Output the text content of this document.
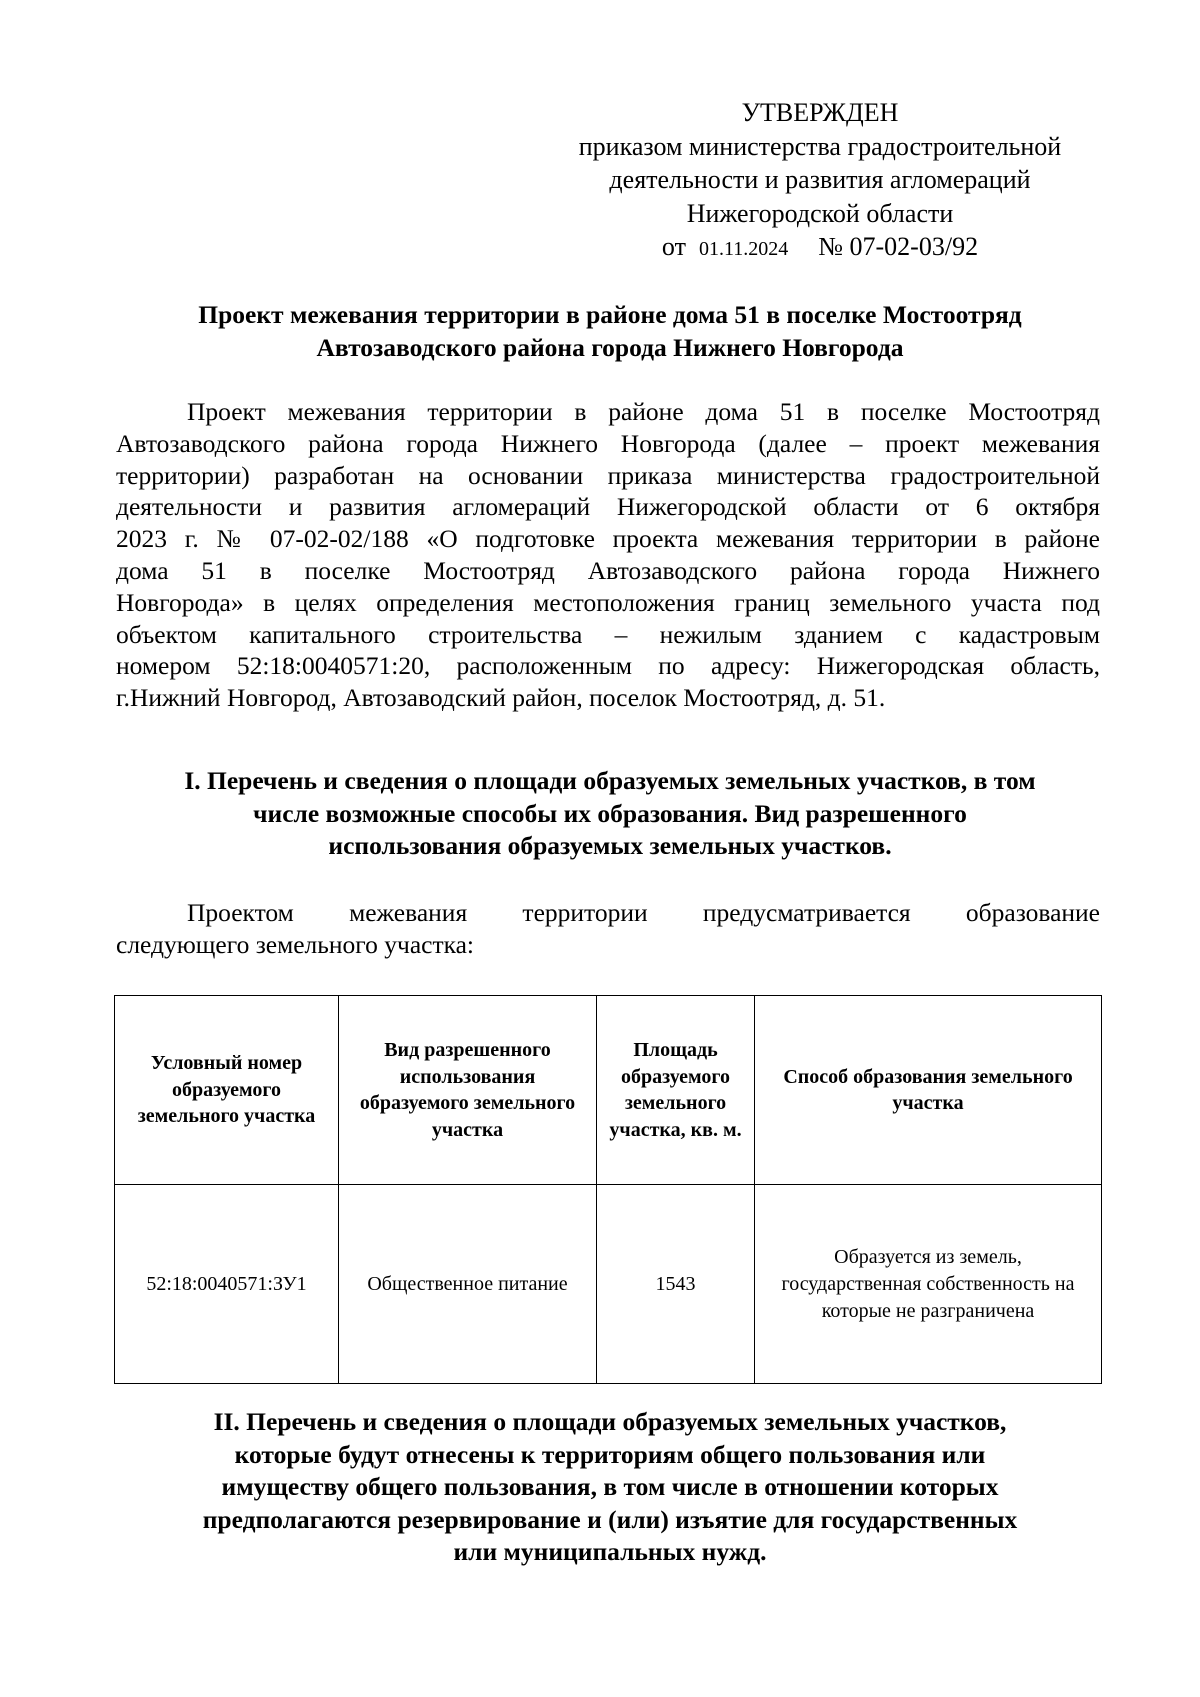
УТВЕРЖДЕН
приказом министерства градостроительной
деятельности и развития агломераций
Нижегородской области
от 01.11.2024 № 07-02-03/92
Проект межевания территории в районе дома 51 в поселке Мостоотряд
Автозаводского района города Нижнего Новгорода
Проект межевания территории в районе дома 51 в поселке Мостоотряд
Автозаводского района города Нижнего Новгорода (далее – проект межевания
территории) разработан на основании приказа министерства градостроительной
деятельности и развития агломераций Нижегородской области от 6 октября
2023 г. № 07-02-02/188 «О подготовке проекта межевания территории в районе
дома 51 в поселке Мостоотряд Автозаводского района города Нижнего
Новгорода» в целях определения местоположения границ земельного участа под
объектом капитального строительства – нежилым зданием с кадастровым
номером 52:18:0040571:20, расположенным по адресу: Нижегородская область,
г.Нижний Новгород, Автозаводский район, поселок Мостоотряд, д. 51.
I. Перечень и сведения о площади образуемых земельных участков, в том
числе возможные способы их образования. Вид разрешенного
использования образуемых земельных участков.
Проектом межевания территории предусматривается образование
следующего земельного участка:
Условный номер образуемого земельного участка	Вид разрешенного использования образуемого земельного участка	Площадь образуемого земельного участка, кв. м.	Способ образования земельного участка
52:18:0040571:ЗУ1	Общественное питание	1543	Образуется из земель, государственная собственность на которые не разграничена
II. Перечень и сведения о площади образуемых земельных участков,
которые будут отнесены к территориям общего пользования или
имуществу общего пользования, в том числе в отношении которых
предполагаются резервирование и (или) изъятие для государственных
или муниципальных нужд.
